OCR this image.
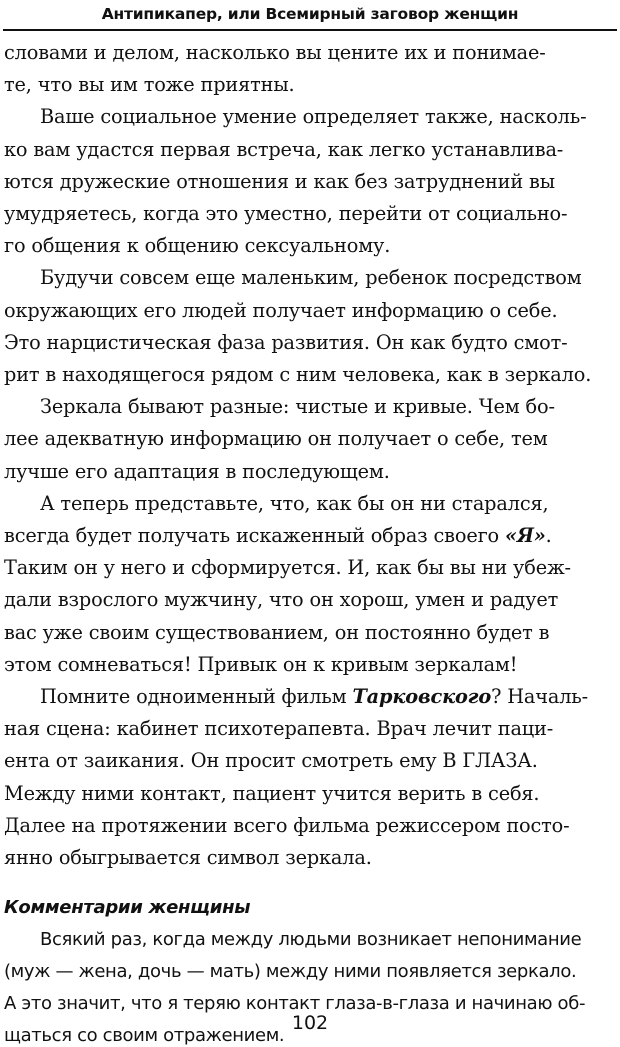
Антипикапер, или Всемирный заговор женщин
словами и делом, насколько вы цените их и понимае-
те, что вы им тоже приятны.
Ваше социальное умение определяет также, насколь-
ко вам удастся первая встреча, как легко устанавлива-
ются дружеские отношения и как без затруднений вы
умудряетесь, когда это уместно, перейти от социально-
го общения к общению сексуальному.
Будучи совсем еще маленьким, ребенок посредством
окружающих его людей получает информацию о себе.
Это нарцистическая фаза развития. Он как будто смот-
рит в находящегося рядом с ним человека, как в зеркало.
Зеркала бывают разные: чистые и кривые. Чем бо-
лее адекватную информацию он получает о себе, тем
лучше его адаптация в последующем.
А теперь представьте, что, как бы он ни старался,
всегда будет получать искаженный образ своего «Я».
Таким он у него и сформируется. И, как бы вы ни убеж-
дали взрослого мужчину, что он хорош, умен и радует
вас уже своим существованием, он постоянно будет в
этом сомневаться! Привык он к кривым зеркалам!
Помните одноименный фильм Тарковского? Началь-
ная сцена: кабинет психотерапевта. Врач лечит паци-
ента от заикания. Он просит смотреть ему В ГЛАЗА.
Между ними контакт, пациент учится верить в себя.
Далее на протяжении всего фильма режиссером посто-
янно обыгрывается символ зеркала.
Комментарии женщины
Всякий раз, когда между людьми возникает непонимание
(муж — жена, дочь — мать) между ними появляется зеркало.
А это значит, что я теряю контакт глаза-в-глаза и начинаю об-
щаться со своим отражением.
102
